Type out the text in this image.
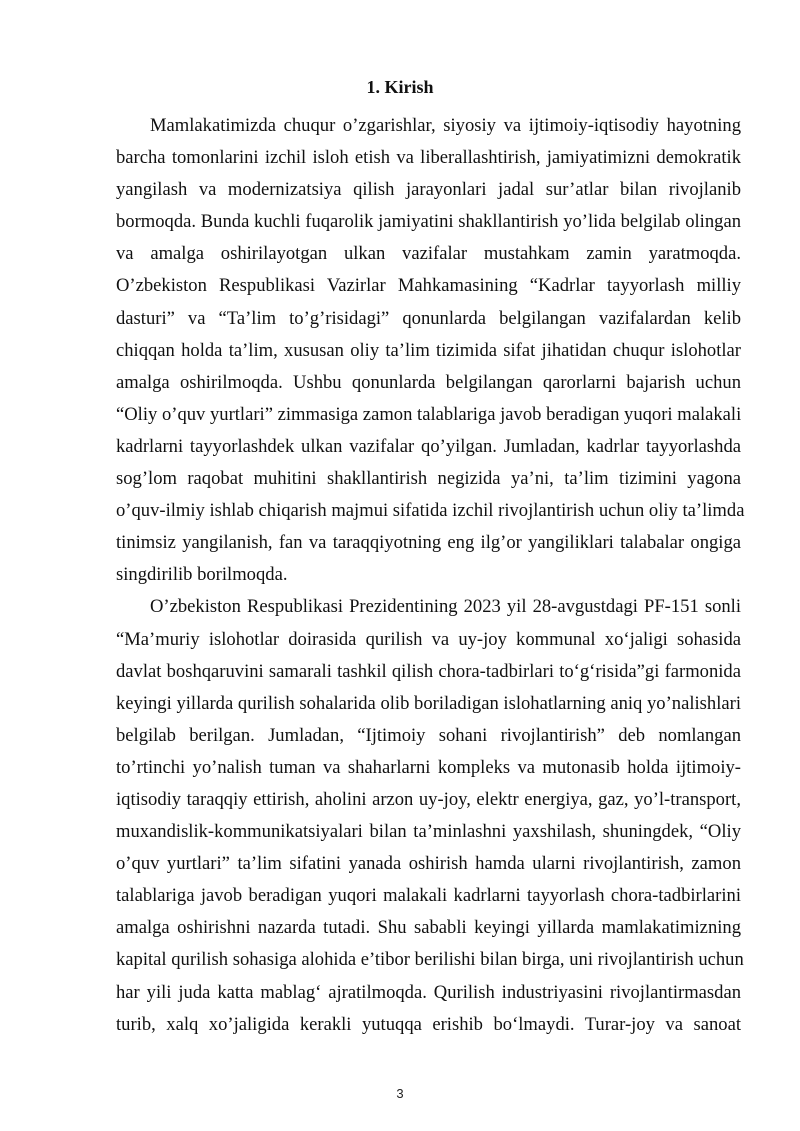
1. Kirish
Mamlakatimizda chuqur o’zgarishlar, siyosiy va ijtimoiy-iqtisodiy hayotning
barcha tomonlarini izchil isloh etish va liberallashtirish, jamiyatimizni demokratik
yangilash va modernizatsiya qilish jarayonlari jadal sur’atlar bilan rivojlanib
bormoqda. Bunda kuchli fuqarolik jamiyatini shakllantirish yo’lida belgilab olingan
va amalga oshirilayotgan ulkan vazifalar mustahkam zamin yaratmoqda.
O’zbekiston Respublikasi Vazirlar Mahkamasining “Kadrlar tayyorlash milliy
dasturi” va “Ta’lim to’g’risidagi” qonunlarda belgilangan vazifalardan kelib
chiqqan holda ta’lim, xususan oliy ta’lim tizimida sifat jihatidan chuqur islohotlar
amalga oshirilmoqda. Ushbu qonunlarda belgilangan qarorlarni bajarish uchun
“Oliy o’quv yurtlari” zimmasiga zamon talablariga javob beradigan yuqori malakali
kadrlarni tayyorlashdek ulkan vazifalar qo’yilgan. Jumladan, kadrlar tayyorlashda
sog’lom raqobat muhitini shakllantirish negizida ya’ni, ta’lim tizimini yagona
o’quv-ilmiy ishlab chiqarish majmui sifatida izchil rivojlantirish uchun oliy ta’limda
tinimsiz yangilanish, fan va taraqqiyotning eng ilg’or yangiliklari talabalar ongiga
singdirilib borilmoqda.
O’zbekiston Respublikasi Prezidentining 2023 yil 28-avgustdagi PF-151 sonli
“Ma’muriy islohotlar doirasida qurilish va uy-joy kommunal xo‘jaligi sohasida
davlat boshqaruvini samarali tashkil qilish chora-tadbirlari to‘g‘risida”gi farmonida
keyingi yillarda qurilish sohalarida olib boriladigan islohatlarning aniq yo’nalishlari
belgilab berilgan. Jumladan, “Ijtimoiy sohani rivojlantirish” deb nomlangan
to’rtinchi yo’nalish tuman va shaharlarni kompleks va mutonasib holda ijtimoiy-
iqtisodiy taraqqiy ettirish, aholini arzon uy-joy, elektr energiya, gaz, yo’l-transport,
muxandislik-kommunikatsiyalari bilan ta’minlashni yaxshilash, shuningdek, “Oliy
o’quv yurtlari” ta’lim sifatini yanada oshirish hamda ularni rivojlantirish, zamon
talablariga javob beradigan yuqori malakali kadrlarni tayyorlash chora-tadbirlarini
amalga oshirishni nazarda tutadi. Shu sababli keyingi yillarda mamlakatimizning
kapital qurilish sohasiga alohida e’tibor berilishi bilan birga, uni rivojlantirish uchun
har yili juda katta mablag‘ ajratilmoqda. Qurilish industriyasini rivojlantirmasdan
turib, xalq xo’jaligida kerakli yutuqqa erishib bo‘lmaydi. Turar-joy va sanoat
3
